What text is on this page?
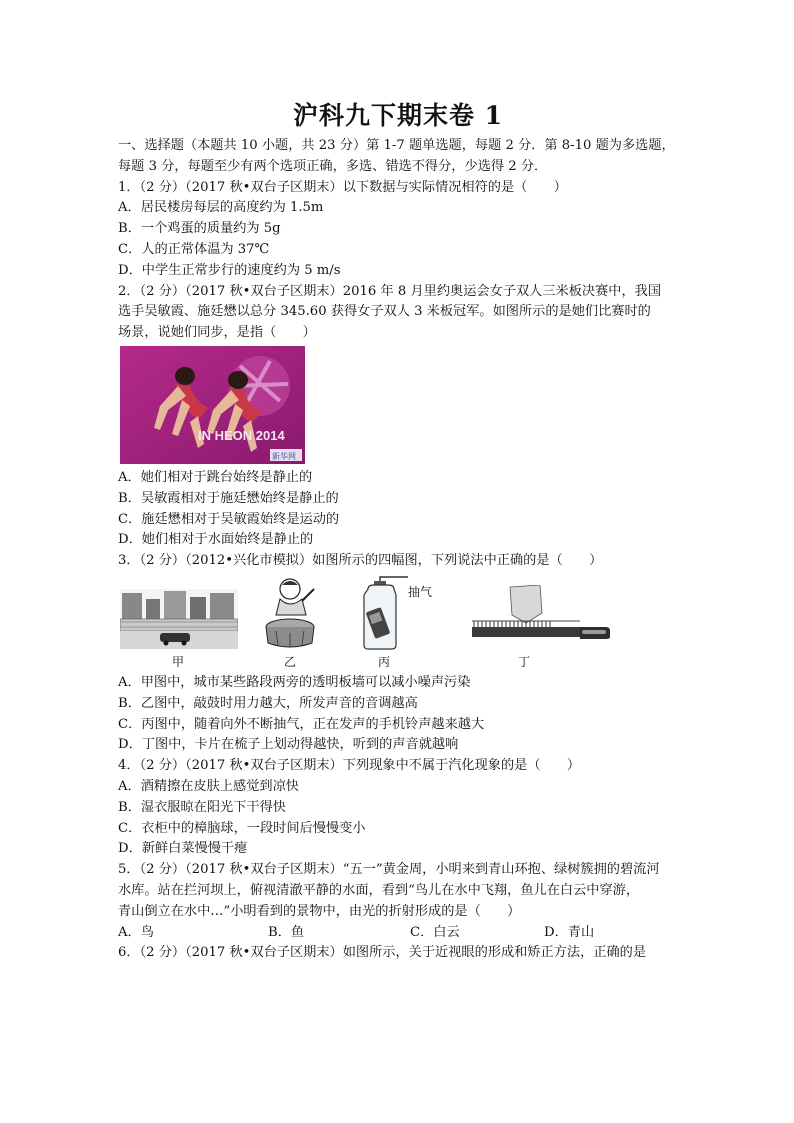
沪科九下期末卷 1
一、选择题（本题共 10 小题，共 23 分）第 1-7 题单选题，每题 2 分．第 8-10 题为多选题，
每题 3 分，每题至少有两个选项正确，多选、错选不得分，少选得 2 分．
1．（2 分）（2017 秋•双台子区期末）以下数据与实际情况相符的是（　　）
A．居民楼房每层的高度约为 1.5m
B．一个鸡蛋的质量约为 5g
C．人的正常体温为 37℃
D．中学生正常步行的速度约为 5 m/s
2．（2 分）（2017 秋•双台子区期末）2016 年 8 月里约奥运会女子双人三米板决赛中，我国
选手吴敏霞、施廷懋以总分 345.60 获得女子双人 3 米板冠军。如图所示的是她们比赛时的
场景，说她们同步，是指（　　）
IN HEON 2014
新华网
A．她们相对于跳台始终是静止的
B．吴敏霞相对于施廷懋始终是静止的
C．施廷懋相对于吴敏霞始终是运动的
D．她们相对于水面始终是静止的
3．（2 分）（2012•兴化市模拟）如图所示的四幅图，下列说法中正确的是（　　）
甲	乙
抽气
丙	丁
A．甲图中，城市某些路段两旁的透明板墙可以减小噪声污染
B．乙图中，敲鼓时用力越大，所发声音的音调越高
C．丙图中，随着向外不断抽气，正在发声的手机铃声越来越大
D．丁图中，卡片在梳子上划动得越快，听到的声音就越响
4．（2 分）（2017 秋•双台子区期末）下列现象中不属于汽化现象的是（　　）
A．酒精擦在皮肤上感觉到凉快
B．湿衣服晾在阳光下干得快
C．衣柜中的樟脑球，一段时间后慢慢变小
D．新鲜白菜慢慢干瘪
5．（2 分）（2017 秋•双台子区期末）“五一”黄金周，小明来到青山环抱、绿树簇拥的碧流河
水库。站在拦河坝上，俯视清澈平静的水面，看到“鸟儿在水中飞翔，鱼儿在白云中穿游，
青山倒立在水中…”小明看到的景物中，由光的折射形成的是（　　）
A．鸟	B．鱼	C．白云	D．青山
6．（2 分）（2017 秋•双台子区期末）如图所示，关于近视眼的形成和矫正方法，正确的是
